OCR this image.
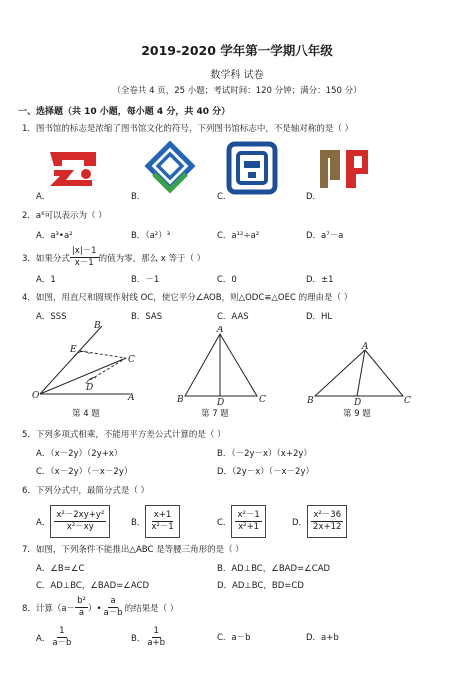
2019-2020 学年第一学期八年级
数学科 试卷
（全卷共 4 页，25 小题；考试时间：120 分钟；满分：150 分）
一、选择题（共 10 小题，每小题 4 分，共 40 分）
1．图书馆的标志是浓缩了图书馆文化的符号，下列图书馆标志中，不是轴对称的是（ ）
A．	B．	C．	D．
2．a⁶可以表示为（ ）
A．a³•a²	B．（a²）³	C．a¹²÷a²	D．a⁷－a
3．如果分式 $\frac{|x|-1}{x-1}$ 的值为零，那么 x 等于（ ）
A．1	B．－1	C．0	D．±1
4．如图，用直尺和圆规作射线 OC，使它平分∠AOB，则△ODC≌△OEC 的理由是（ ）
A．SSS	B．SAS	C．AAS	D．HL
B
E
C
O
D
A
第 4 题
A
B	D	C
第 7 题
A
B	D	C
第 9 题
5．下列多项式相乘，不能用平方差公式计算的是（ ）
A．（x－2y）（2y+x）	B．（－2y－x）（x+2y）
C．（x－2y）（－x－2y）	D．（2y－x）（－x－2y）
6．下列分式中，最简分式是（ ）
A． $\frac{\text{x²－2xy+y²}}{\text{x²－xy}}$	B． $\frac{x+1}{\text{x²－1}}$	C． $\frac{\text{x²－1}}{\text{x²+1}}$	D． $\frac{\text{x²－36}}{2x+12}$
7．如图，下列条件不能推出△ABC 是等腰三角形的是（ ）
A．∠B=∠C	B．AD⊥BC，∠BAD=∠CAD
C．AD⊥BC，∠BAD=∠ACD	D．AD⊥BC，BD=CD
8．计算（$a- \frac{\text{b²}}{a}$ ）• $\frac{a}{a-b}$ 的结果是（ ）
A． $\frac{1}{a-b}$	B． $\frac{1}{a+b}$	C．a－b	D．a+b
